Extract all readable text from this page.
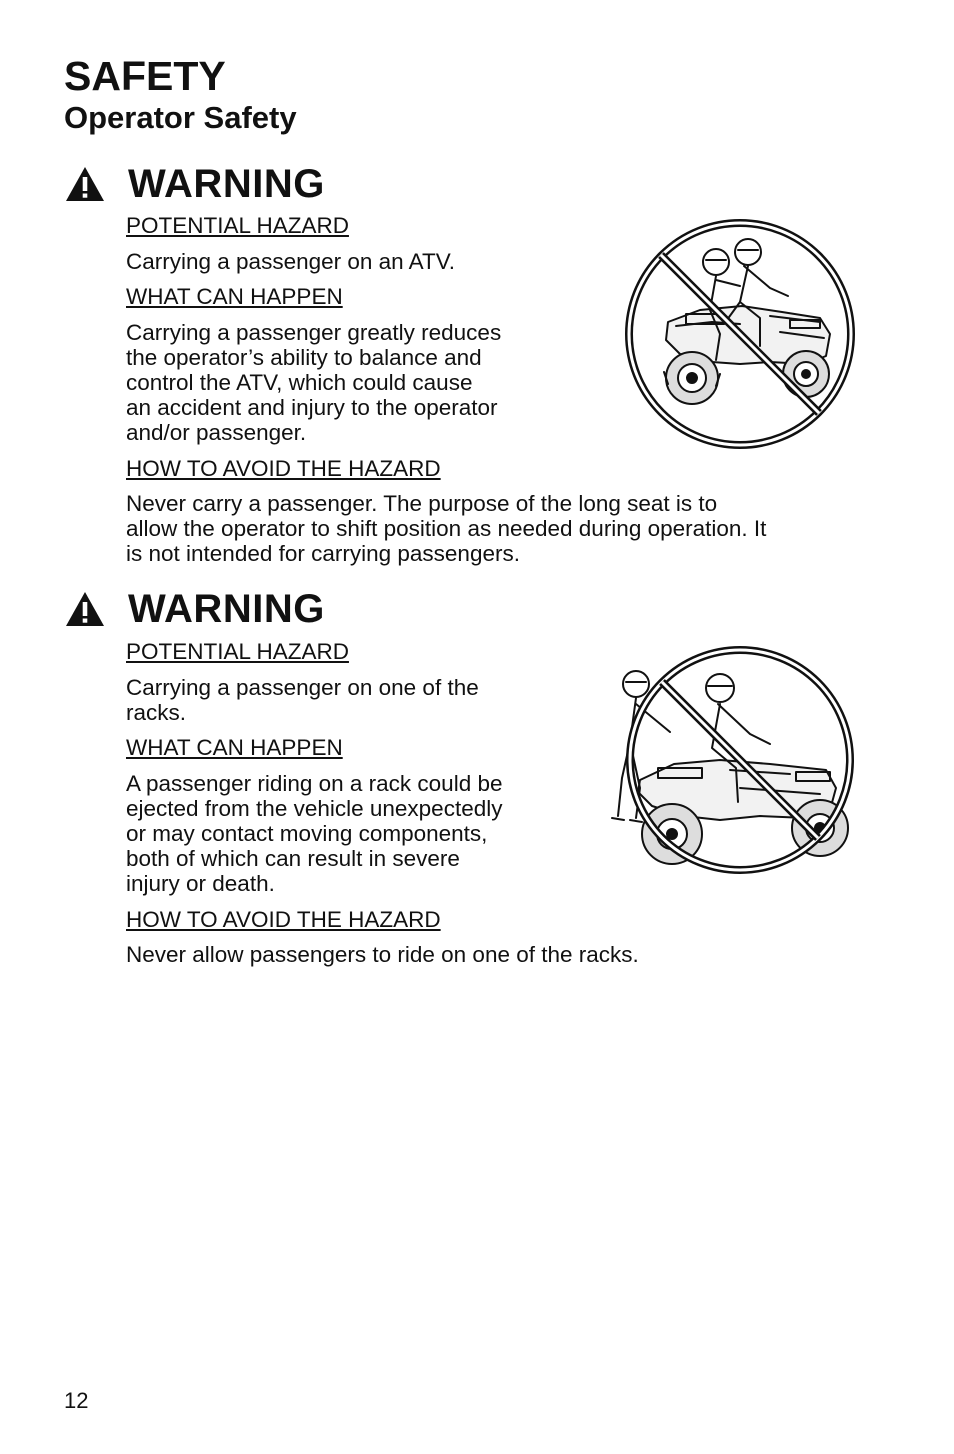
SAFETY
Operator Safety
WARNING
POTENTIAL HAZARD
Carrying a passenger on an ATV.
WHAT CAN HAPPEN
Carrying a passenger greatly reduces
the operator’s ability to balance and
control the ATV, which could cause
an accident and injury to the operator
and/or passenger.
HOW TO AVOID THE HAZARD
Never carry a passenger. The purpose of the long seat is to
allow the operator to shift position as needed during operation. It
is not intended for carrying passengers.
WARNING
POTENTIAL HAZARD
Carrying a passenger on one of the
racks.
WHAT CAN HAPPEN
A passenger riding on a rack could be
ejected from the vehicle unexpectedly
or may contact moving components,
both of which can result in severe
injury or death.
HOW TO AVOID THE HAZARD
Never allow passengers to ride on one of the racks.
12
